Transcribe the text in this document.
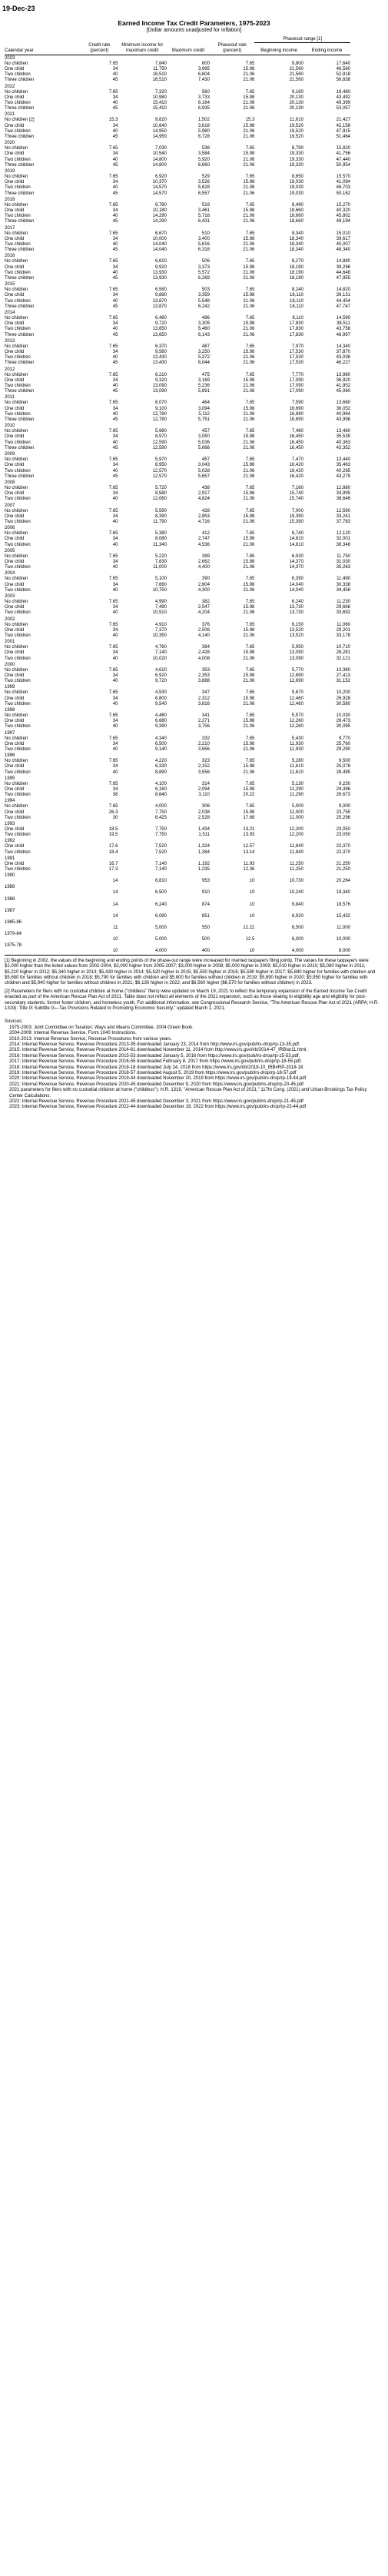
19-Dec-23
Earned Income Tax Credit Parameters, 1975-2023
[Dollar amounts unadjusted for inflation]
					Phaseout range [1]	
Calendar year	Credit rate (percent)	Minimum income for maximum credit	Maximum credit	Phaseout rate (percent)	Beginning income	Ending income
2023						
No children	7.65	7,840	600	7.65	9,800	17,640
One child	34	11,750	3,995	15.98	21,560	46,560
Two children	40	16,510	6,604	21.06	21,560	52,918
Three children	45	16,510	7,430	21.06	21,560	56,838
2022						
No children	7.65	7,320	560	7.65	9,160	16,480
One child	34	10,980	3,733	15.98	20,130	43,492
Two children	40	15,410	6,164	21.06	20,130	49,399
Three children	45	15,410	6,935	21.06	20,130	53,057
2021						
No children [2]	15.3	9,820	1,502	15.3	11,610	21,427
One child	34	10,640	3,618	15.98	19,520	42,158
Two children	40	14,950	5,980	21.06	19,520	47,915
Three children	45	14,950	6,728	21.06	19,520	51,464
2020						
No children	7.65	7,030	538	7.65	8,790	15,820
One child	34	10,540	3,584	15.98	19,330	41,756
Two children	40	14,800	5,920	21.06	19,330	47,440
Three children	45	14,800	6,660	21.06	19,330	50,954
2019						
No children	7.65	6,920	529	7.65	8,650	15,570
One child	34	10,370	3,526	15.98	19,030	41,094
Two children	40	14,570	5,828	21.06	19,030	46,703
Three children	45	14,570	6,557	21.06	19,030	50,162
2018						
No children	7.65	6,780	519	7.65	8,490	15,270
One child	34	10,180	3,461	15.98	18,660	40,320
Two children	40	14,290	5,716	21.06	18,660	45,802
Three children	45	14,290	6,431	21.06	18,660	49,194
2017						
No children	7.65	6,670	510	7.65	8,340	15,010
One child	34	10,000	3,400	15.98	18,340	39,617
Two children	40	14,040	5,616	21.06	18,340	45,007
Three children	45	14,040	6,318	21.06	18,340	48,340
2016						
No children	7.65	6,610	506	7.65	8,270	14,880
One child	34	9,920	3,373	15.98	18,190	39,296
Two children	40	13,930	5,572	21.06	18,190	44,648
Three children	45	13,930	6,269	21.06	18,190	47,955
2015						
No children	7.65	6,580	503	7.65	8,240	14,820
One child	34	9,880	3,359	15.98	18,110	39,131
Two children	40	13,870	5,548	21.06	18,110	44,454
Three children	45	13,870	6,242	21.06	18,110	47,747
2014						
No children	7.65	6,480	496	7.65	8,110	14,590
One child	34	9,720	3,305	15.98	17,830	38,511
Two children	40	13,650	5,460	21.06	17,830	43,756
Three children	45	13,650	6,143	21.06	17,830	46,997
2013						
No children	7.65	6,370	487	7.65	7,970	14,340
One child	34	9,560	3,250	15.98	17,530	37,870
Two children	40	13,430	5,372	21.06	17,530	43,038
Three children	45	13,430	6,044	21.06	17,530	46,227
2012						
No children	7.65	6,210	475	7.65	7,770	13,980
One child	34	9,320	3,169	15.98	17,090	36,920
Two children	40	13,090	5,236	21.06	17,090	41,952
Three children	45	13,090	5,891	21.06	17,090	45,060
2011						
No children	7.65	6,070	464	7.65	7,590	13,660
One child	34	9,100	3,094	15.98	16,690	36,052
Two children	40	12,780	5,112	21.06	16,690	40,964
Three children	45	12,780	5,751	21.06	16,690	43,998
2010						
No children	7.65	5,980	457	7.65	7,480	13,460
One child	34	8,970	3,050	15.98	16,450	35,535
Two children	40	12,590	5,036	21.06	16,450	40,363
Three children	45	12,590	5,666	21.06	16,450	43,352
2009						
No children	7.65	5,970	457	7.65	7,470	13,440
One child	34	8,950	3,043	15.98	16,420	35,463
Two children	40	12,570	5,028	21.06	16,420	40,295
Three children	45	12,570	5,657	21.06	16,420	43,279
2008						
No children	7.65	5,720	438	7.65	7,160	12,880
One child	34	8,580	2,917	15.98	15,740	33,995
Two children	40	12,060	4,824	21.06	15,740	38,646
2007						
No children	7.65	5,590	428	7.65	7,000	12,590
One child	34	8,390	2,853	15.98	15,390	33,241
Two children	40	11,790	4,716	21.06	15,390	37,783
2006						
No children	7.65	5,380	412	7.65	6,740	12,120
One child	34	8,080	2,747	15.98	14,810	32,001
Two children	40	11,340	4,536	21.06	14,810	36,348
2005						
No children	7.65	5,220	399	7.65	6,530	11,750
One child	34	7,830	2,662	15.98	14,370	31,030
Two children	40	11,000	4,400	21.06	14,370	35,263
2004						
No children	7.65	5,100	390	7.65	6,390	11,490
One child	34	7,660	2,604	15.98	14,040	30,338
Two children	40	10,750	4,300	21.06	14,040	34,458
2003						
No children	7.65	4,990	382	7.65	6,240	11,230
One child	34	7,490	2,547	15.98	13,730	29,666
Two children	40	10,510	4,204	21.06	13,730	33,692
2002						
No children	7.65	4,910	376	7.65	6,150	11,060
One child	34	7,370	2,506	15.98	13,520	29,201
Two children	40	10,350	4,140	21.06	13,520	33,178
2001						
No children	7.65	4,760	364	7.65	5,950	10,710
One child	34	7,140	2,428	15.98	13,090	28,281
Two children	40	10,020	4,008	21.06	13,090	32,121
2000						
No children	7.65	4,610	353	7.65	5,770	10,380
One child	34	6,920	2,353	15.98	12,690	27,413
Two children	40	9,720	3,888	21.06	12,690	31,152
1999						
No children	7.65	4,530	347	7.65	5,670	10,200
One child	34	6,800	2,312	15.98	12,460	26,928
Two children	40	9,540	3,816	21.06	12,460	30,580
1998						
No children	7.65	4,460	341	7.65	5,570	10,030
One child	34	6,680	2,271	15.98	12,260	26,473
Two children	40	9,390	3,756	21.06	12,260	30,095
1997						
No children	7.65	4,340	332	7.65	5,430	9,770
One child	34	6,500	2,210	15.98	11,930	25,760
Two children	40	9,140	3,656	21.06	11,930	29,290
1996						
No children	7.65	4,220	323	7.65	5,280	9,500
One child	34	6,330	2,152	15.98	11,610	25,078
Two children	40	8,890	3,556	21.06	11,610	28,495
1995						
No children	7.65	4,100	314	7.65	5,130	9,230
One child	34	6,160	2,094	15.98	11,290	24,396
Two children	36	8,640	3,110	20.22	11,290	26,673
1994						
No children	7.65	4,000	306	7.65	5,000	9,000
One child	26.3	7,750	2,038	15.98	11,000	23,755
Two children	30	8,425	2,528	17.68	11,000	25,296
1993						
One child	18.5	7,750	1,434	13.21	12,200	23,050
Two children	19.5	7,750	1,511	13.93	12,200	23,050
1992						
One child	17.6	7,520	1,324	12.57	11,840	22,370
Two children	18.4	7,520	1,384	13.14	11,840	22,370
1991						
One child	16.7	7,140	1,192	11.93	11,250	21,250
Two children	17.3	7,140	1,235	12.36	11,250	21,250
1990						
	14	6,810	953	10	10,730	20,264
1989						
	14	6,500	910	10	10,240	19,340
1988						
	14	6,240	874	10	9,840	18,576
1987						
	14	6,080	851	10	6,920	15,432
1985-86						
	11	5,000	550	12.22	6,500	11,000
1979-84						
	10	5,000	500	12.5	6,000	10,000
1975-78						
	10	4,000	400	10	4,000	8,000

[1] Beginning in 2002, the values of the beginning and ending points of the phase-out range were increased for married taxpayers filing jointly. The values for these taxpayers were $1,000 higher than the listed values from 2002-2004, $2,000 higher from 2005-2007; $3,000 higher in 2008; $5,000 higher in 2009; $5,010 higher in 2010; $5,080 higher in 2011; $5,210 higher in 2012; $5,340 higher in 2013; $5,430 higher in 2014; $5,520 higher in 2015; $5,550 higher in 2016; $5,590 higher in 2017; $5,690 higher for families with children and $5,680 for families without children in 2018; $5,790 for families with children and $5,800 for families without children in 2019; $5,890 higher in 2020; $5,950 higher for families with children and $5,940 higher for families without children in 2021; $6,130 higher in 2022; and $6,560 higher ($6,570 for families without children) in 2023.

[2] Parameters for filers with no custodial children at home ("childless" filers) were updated on March 19, 2021 to reflect the temporary expansion of the Earned Income Tax Credit enacted as part of the American Rescue Plan Act of 2021. Table does not reflect all elements of the 2021 expansion, such as those relating to eligibility age and eligibility for post-secondary students, former foster children, and homeless youth. For additional information, see Congressional Research Service, "The American Rescue Plan Act of 2021 (ARPA; H.R. 1319): Title IX Subtitle G—Tax Provisions Related to Promoting Economic Security," updated March 1, 2021.

Sources:

1975-2003: Joint Committee on Taxation; Ways and Means Committee, 2004 Green Book.

2004-2009: Internal Revenue Service, Form 1040 Instructions.

2010-2013: Internal Revenue Service, Revenue Procedures from various years.

2014: Internal Revenue Service, Revenue Procedure 2013-35 downloaded January 23, 2014 from http://www.irs.gov/pub/irs-drop/rp-13-35.pdf.

2015: Internal Revenue Service, Revenue Procedure 2014-61 downloaded November 11, 2014 from http://www.irs.gov/irb/2014-47_IRB/ar11.html.

2016: Internal Revenue Service, Revenue Procedure 2015-53 downloaded January 5, 2016 from https://www.irs.gov/pub/irs-drop/rp-15-53.pdf.

2017: Internal Revenue Service, Revenue Procedure 2016-55 downloaded February 8, 2017 from https://www.irs.gov/pub/irs-drop/rp-16-55.pdf.

2018: Internal Revenue Service, Revenue Procedure 2018-18 downloaded July 24, 2018 from https://www.irs.gov/irb/2018-10_IRB#RP-2018-18.

2019: Internal Revenue Service, Revenue Procedure 2018-57 downloaded August 5, 2019 from https://www.irs.gov/pub/irs-drop/rp-18-57.pdf

2020: Internal Revenue Service, Revenue Procedure 2019-44 downloaded November 20, 2019 from https://www.irs.gov/pub/irs-drop/rp-19-44.pdf

2021: Internal Revenue Service, Revenue Procedure 2020-45 downloaded December 9, 2020 from https://www.irs.gov/pub/irs-drop/rp-20-45.pdf

2021 parameters for filers with no custodial children at home ("childless"): H.R. 1319, "American Rescue Plan Act of 2021," 117th Cong. (2021) and Urban-Brookings Tax Policy Center Calculations.

2022: Internal Revenue Service, Revenue Procedure 2021-45 downloaded December 3, 2021 from https://www.irs.gov/pub/irs-drop/rp-21-45.pdf

2023: Internal Revenue Service, Revenue Procedure 2022-44 downloaded December 19, 2022 from https://www.irs.gov/pub/irs-drop/rp-22-44.pdf
